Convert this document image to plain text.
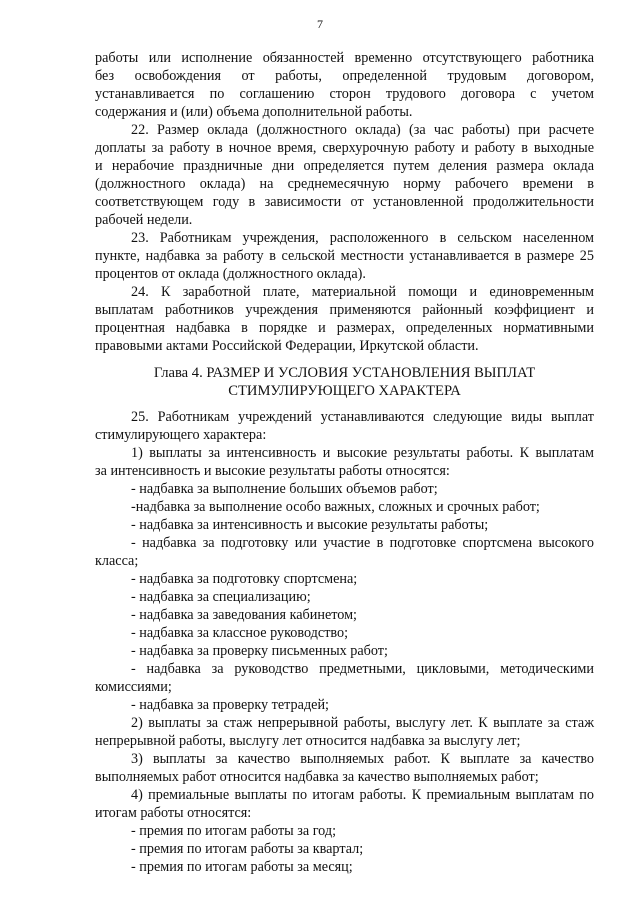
7

работы или исполнение обязанностей временно отсутствующего работника

без освобождения от работы, определенной трудовым договором,

устанавливается по соглашению сторон трудового договора с учетом

содержания и (или) объема дополнительной работы.

22. Размер оклада (должностного оклада) (за час работы) при расчете

доплаты за работу в ночное время, сверхурочную работу и работу в выходные

и нерабочие праздничные дни определяется путем деления размера оклада

(должностного оклада) на среднемесячную норму рабочего времени в

соответствующем году в зависимости от установленной продолжительности

рабочей недели.

23. Работникам учреждения, расположенного в сельском населенном

пункте, надбавка за работу в сельской местности устанавливается в размере 25

процентов от оклада (должностного оклада).

24. К заработной плате, материальной помощи и единовременным

выплатам работников учреждения применяются районный коэффициент и

процентная надбавка в порядке и размерах, определенных нормативными

правовыми актами Российской Федерации, Иркутской области.

Глава 4. РАЗМЕР И УСЛОВИЯ УСТАНОВЛЕНИЯ ВЫПЛАТ

СТИМУЛИРУЮЩЕГО ХАРАКТЕРА

25. Работникам учреждений устанавливаются следующие виды выплат

стимулирующего характера:

1) выплаты за интенсивность и высокие результаты работы. К выплатам

за интенсивность и высокие результаты работы относятся:

- надбавка за выполнение больших объемов работ;

-надбавка за выполнение особо важных, сложных и срочных работ;

- надбавка за интенсивность и высокие результаты работы;

- надбавка за подготовку или участие в подготовке спортсмена высокого

класса;

- надбавка за подготовку спортсмена;

- надбавка за специализацию;

- надбавка за заведования кабинетом;

- надбавка за классное руководство;

- надбавка за проверку письменных работ;

- надбавка за руководство предметными, цикловыми, методическими

комиссиями;

- надбавка за проверку тетрадей;

2) выплаты за стаж непрерывной работы, выслугу лет. К выплате за стаж

непрерывной работы, выслугу лет относится надбавка за выслугу лет;

3) выплаты за качество выполняемых работ. К выплате за качество

выполняемых работ относится надбавка за качество выполняемых работ;

4) премиальные выплаты по итогам работы. К премиальным выплатам по

итогам работы относятся:

- премия по итогам работы за год;

- премия по итогам работы за квартал;

- премия по итогам работы за месяц;
